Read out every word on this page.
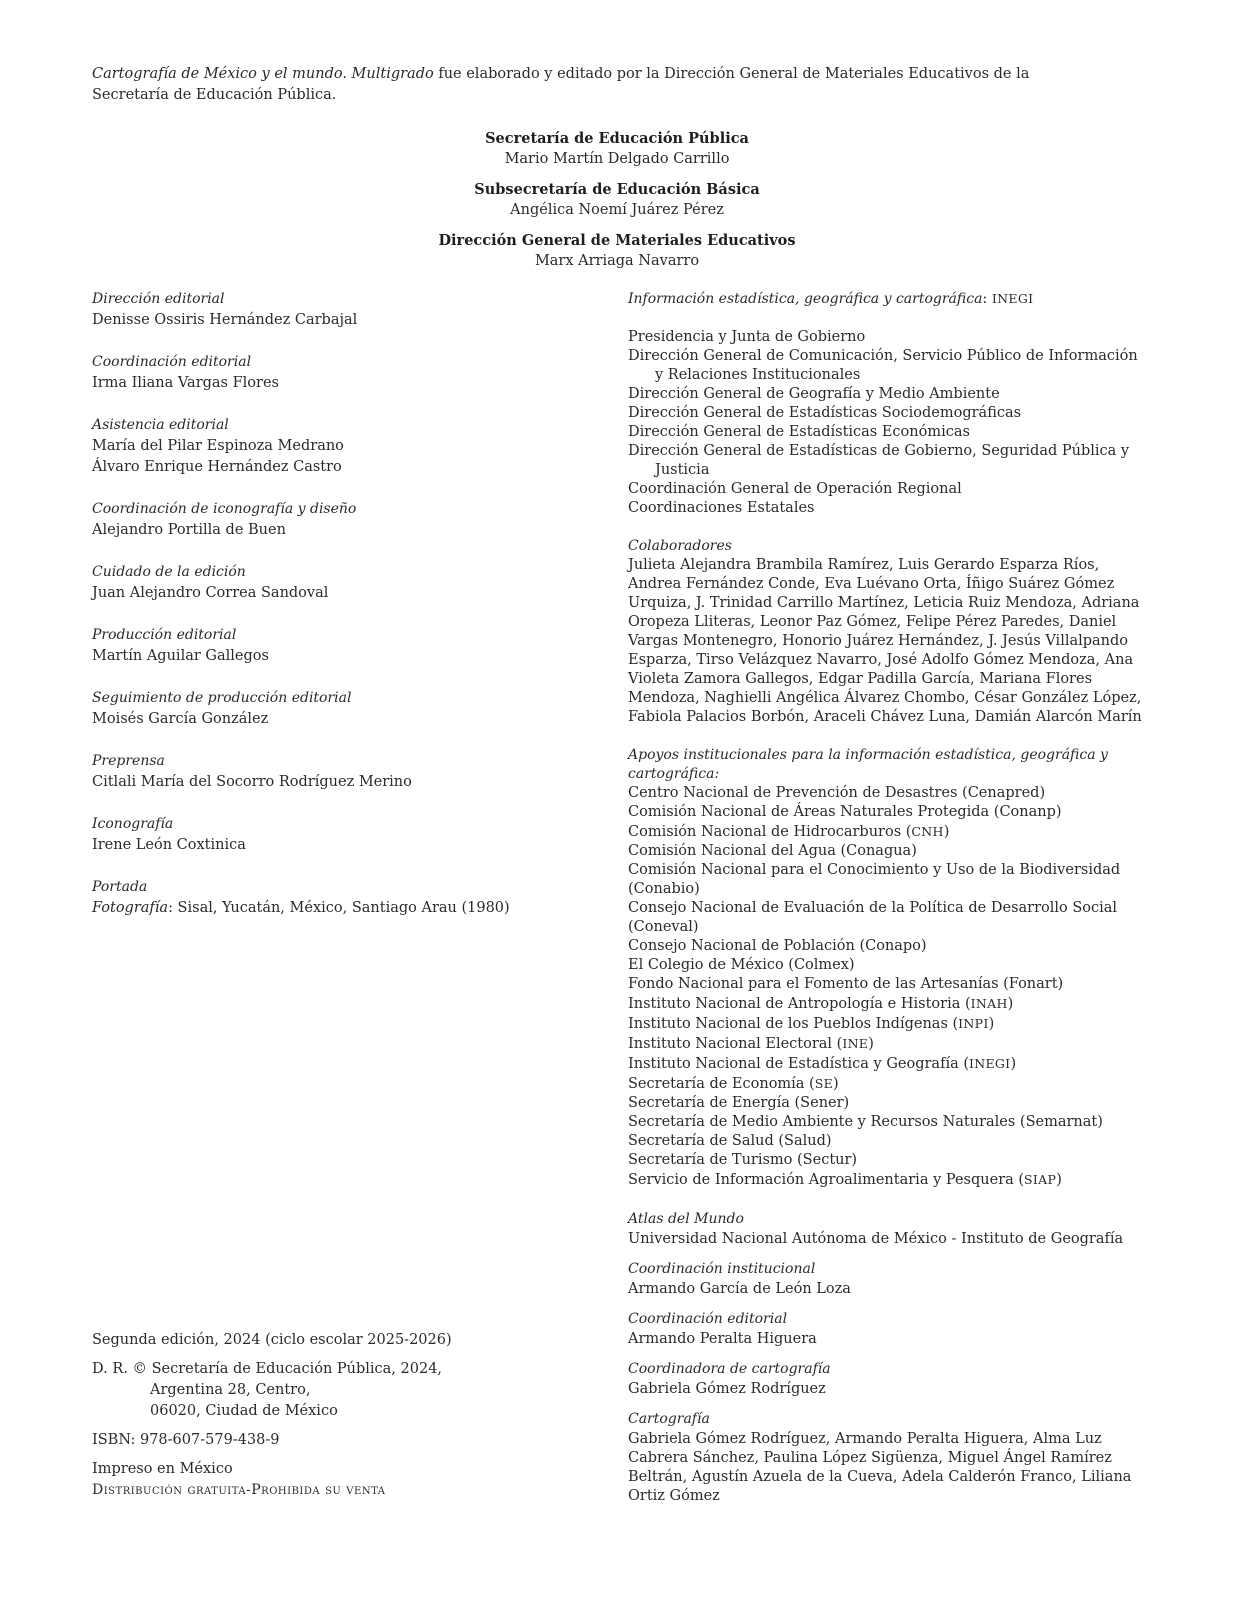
Cartografía de México y el mundo. Multigrado fue elaborado y editado por la Dirección General de Materiales Educativos de la Secretaría de Educación Pública.
Secretaría de Educación Pública
Mario Martín Delgado Carrillo
Subsecretaría de Educación Básica
Angélica Noemí Juárez Pérez
Dirección General de Materiales Educativos
Marx Arriaga Navarro
Dirección editorial
Denisse Ossiris Hernández Carbajal
Coordinación editorial
Irma Iliana Vargas Flores
Asistencia editorial
María del Pilar Espinoza Medrano
Álvaro Enrique Hernández Castro
Coordinación de iconografía y diseño
Alejandro Portilla de Buen
Cuidado de la edición
Juan Alejandro Correa Sandoval
Producción editorial
Martín Aguilar Gallegos
Seguimiento de producción editorial
Moisés García González
Preprensa
Citlali María del Socorro Rodríguez Merino
Iconografía
Irene León Coxtinica
Portada
Fotografía: Sisal, Yucatán, México, Santiago Arau (1980)
Información estadística, geográfica y cartográfica: INEGI
Presidencia y Junta de Gobierno
Dirección General de Comunicación, Servicio Público de Información y Relaciones Institucionales
Dirección General de Geografía y Medio Ambiente
Dirección General de Estadísticas Sociodemográficas
Dirección General de Estadísticas Económicas
Dirección General de Estadísticas de Gobierno, Seguridad Pública y Justicia
Coordinación General de Operación Regional
Coordinaciones Estatales
Colaboradores
Julieta Alejandra Brambila Ramírez, Luis Gerardo Esparza Ríos, Andrea Fernández Conde, Eva Luévano Orta, Íñigo Suárez Gómez Urquiza, J. Trinidad Carrillo Martínez, Leticia Ruiz Mendoza, Adriana Oropeza Lliteras, Leonor Paz Gómez, Felipe Pérez Paredes, Daniel Vargas Montenegro, Honorio Juárez Hernández, J. Jesús Villalpando Esparza, Tirso Velázquez Navarro, José Adolfo Gómez Mendoza, Ana Violeta Zamora Gallegos, Edgar Padilla García, Mariana Flores Mendoza, Naghielli Angélica Álvarez Chombo, César González López, Fabiola Palacios Borbón, Araceli Chávez Luna, Damián Alarcón Marín
Apoyos institucionales para la información estadística, geográfica y cartográfica:
Centro Nacional de Prevención de Desastres (Cenapred)
Comisión Nacional de Áreas Naturales Protegida (Conanp)
Comisión Nacional de Hidrocarburos (CNH)
Comisión Nacional del Agua (Conagua)
Comisión Nacional para el Conocimiento y Uso de la Biodiversidad (Conabio)
Consejo Nacional de Evaluación de la Política de Desarrollo Social (Coneval)
Consejo Nacional de Población (Conapo)
El Colegio de México (Colmex)
Fondo Nacional para el Fomento de las Artesanías (Fonart)
Instituto Nacional de Antropología e Historia (INAH)
Instituto Nacional de los Pueblos Indígenas (INPI)
Instituto Nacional Electoral (INE)
Instituto Nacional de Estadística y Geografía (INEGI)
Secretaría de Economía (SE)
Secretaría de Energía (Sener)
Secretaría de Medio Ambiente y Recursos Naturales (Semarnat)
Secretaría de Salud (Salud)
Secretaría de Turismo (Sectur)
Servicio de Información Agroalimentaria y Pesquera (SIAP)
Atlas del Mundo
Universidad Nacional Autónoma de México - Instituto de Geografía
Coordinación institucional
Armando García de León Loza
Coordinación editorial
Armando Peralta Higuera
Coordinadora de cartografía
Gabriela Gómez Rodríguez
Cartografía
Gabriela Gómez Rodríguez, Armando Peralta Higuera, Alma Luz Cabrera Sánchez, Paulina López Sigüenza, Miguel Ángel Ramírez Beltrán, Agustín Azuela de la Cueva, Adela Calderón Franco, Liliana Ortiz Gómez
Segunda edición, 2024 (ciclo escolar 2025-2026)
D. R. © Secretaría de Educación Pública, 2024,
Argentina 28, Centro,
06020, Ciudad de México
ISBN: 978-607-579-438-9
Impreso en México
Distribución gratuita-Prohibida su venta
